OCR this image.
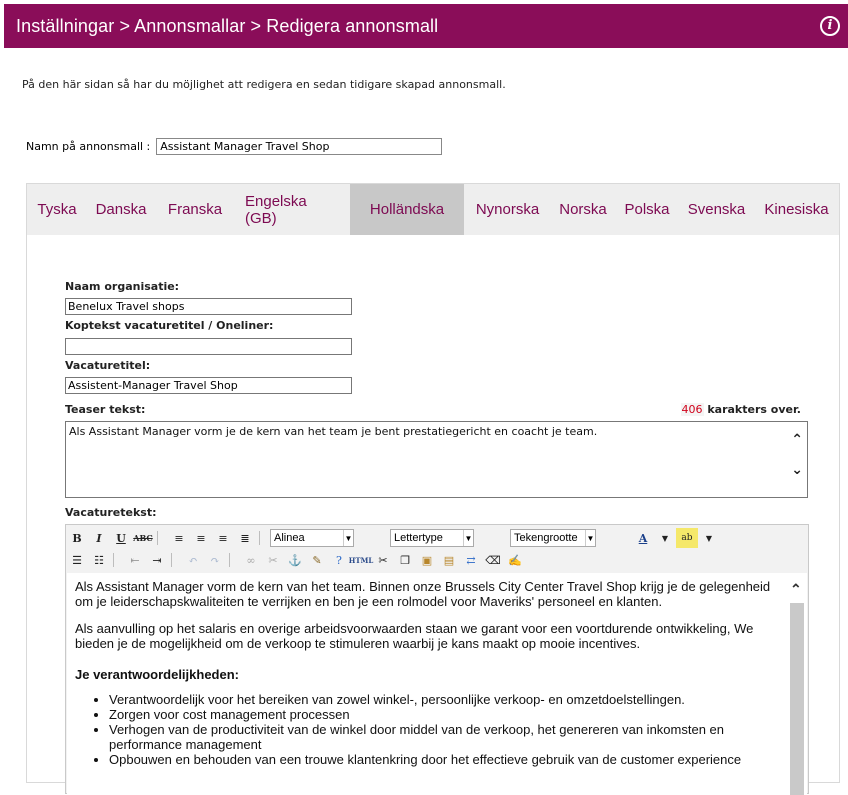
Inställningar > Annonsmallar > Redigera annonsmall	i
På den här sidan så har du möjlighet att redigera en sedan tidigare skapad annonsmall.
Namn på annonsmall :
Assistant Manager Travel Shop
Tyska	Danska	Franska	Engelska (GB)	Holländska	Nynorska	Norska	Polska	Svenska	Kinesiska
Naam organisatie:
Benelux Travel shops
Koptekst vacaturetitel / Oneliner:
Vacaturetitel:
Assistent-Manager Travel Shop
Teaser tekst:	406 karakters over.
Als Assistant Manager vorm je de kern van het team je bent prestatiegericht en coacht je team.
⌃
⌄
Vacaturetekst:
B	I	U ABC	≡	≡	≡	≣	Alinea	▼	Lettertype	▼	Tekengrootte ▼	A	▼	ab	▼
☰	☷	⇤	⇥	↶	↷	∞	✂ ⚓ ✎	? HTML ✂	❐	▣	▤	⇄ ⌫ ✍

Als Assistant Manager vorm de kern van het team. Binnen onze Brussels City Center Travel Shop krijg je de gelegenheid om je leiderschapskwaliteiten te verrijken en ben je een rolmodel voor Maveriks' personeel en klanten.

Als aanvulling op het salaris en overige arbeidsvoorwaarden staan we garant voor een voortdurende ontwikkeling, We bieden je de mogelijkheid om de verkoop te stimuleren waarbij je kans maakt op mooie incentives.

Je verantwoordelijkheden:
• Verantwoordelijk voor het bereiken van zowel winkel-, persoonlijke verkoop- en omzetdoelstellingen.
• Zorgen voor cost management processen
• Verhogen van de productiviteit van de winkel door middel van de verkoop, het genereren van inkomsten en performance management
• Opbouwen en behouden van een trouwe klantenkring door het effectieve gebruik van de customer experience
⌃
